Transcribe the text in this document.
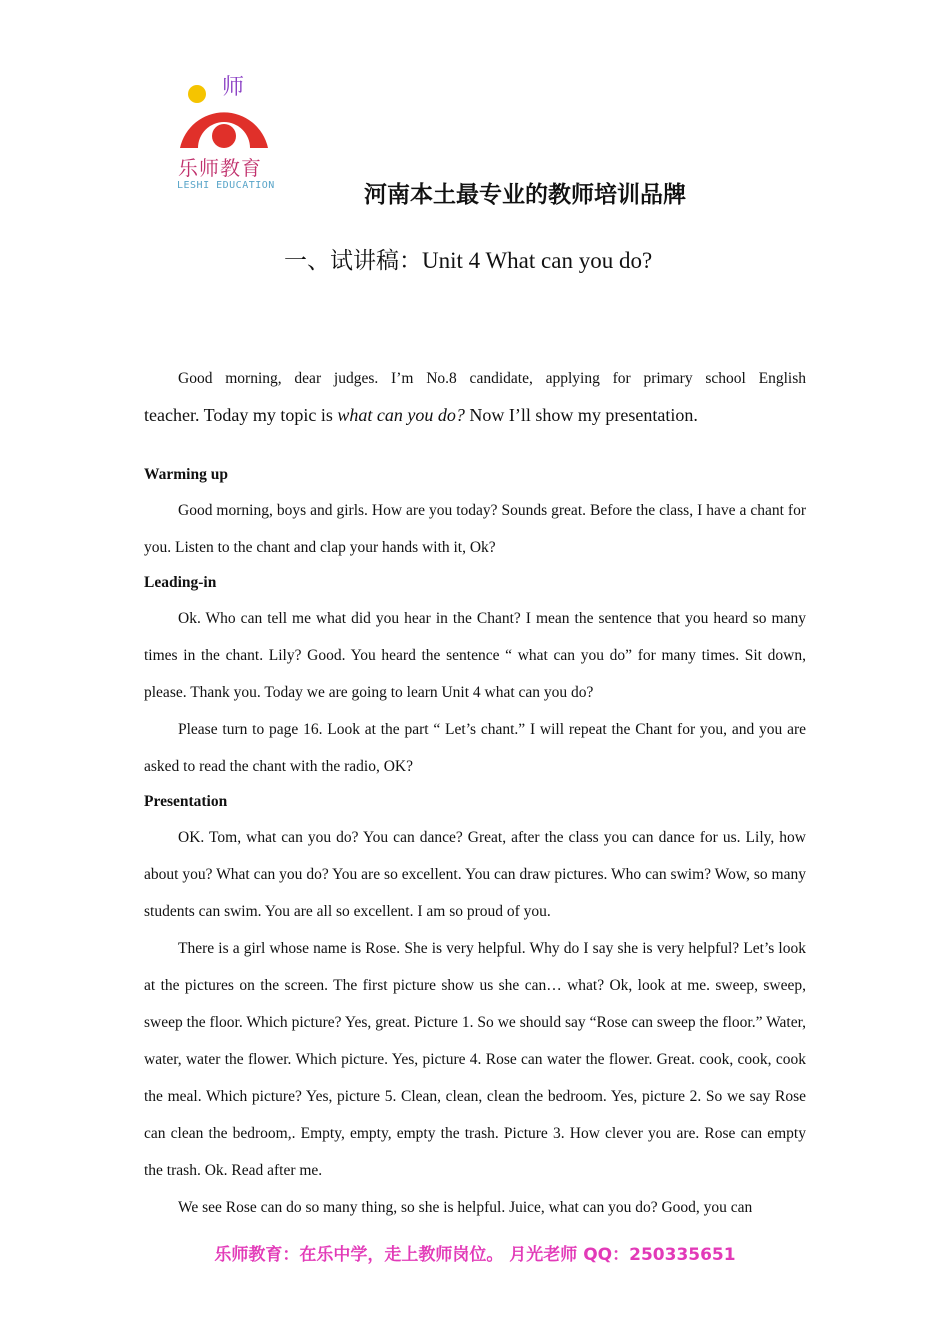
师
乐师教育
LESHI EDUCATION	河南本土最专业的教师培训品牌
一、试讲稿：Unit 4 What can you do?

Good morning, dear judges. I’m No.8 candidate, applying for primary school English

teacher. Today my topic is what can you do? Now I’ll show my presentation.

Warming up

Good morning, boys and girls. How are you today? Sounds great. Before the class, I have a chant for you. Listen to the chant and clap your hands with it, Ok?

Leading-in

Ok. Who can tell me what did you hear in the Chant? I mean the sentence that you heard so many times in the chant. Lily? Good. You heard the sentence “ what can you do” for many times. Sit down, please. Thank you. Today we are going to learn Unit 4 what can you do?

Please turn to page 16. Look at the part “ Let’s chant.” I will repeat the Chant for you, and you are asked to read the chant with the radio, OK?

Presentation

OK. Tom, what can you do? You can dance? Great, after the class you can dance for us. Lily, how about you? What can you do? You are so excellent. You can draw pictures. Who can swim? Wow, so many students can swim. You are all so excellent. I am so proud of you.

There is a girl whose name is Rose. She is very helpful. Why do I say she is very helpful? Let’s look at the pictures on the screen. The first picture show us she can… what? Ok, look at me. sweep, sweep, sweep the floor. Which picture? Yes, great. Picture 1. So we should say “Rose can sweep the floor.” Water, water, water the flower. Which picture. Yes, picture 4. Rose can water the flower. Great. cook, cook, cook the meal. Which picture? Yes, picture 5. Clean, clean, clean the bedroom. Yes, picture 2. So we say Rose can clean the bedroom,. Empty, empty, empty the trash. Picture 3. How clever you are. Rose can empty the trash. Ok. Read after me.

We see Rose can do so many thing, so she is helpful. Juice, what can you do? Good, you can

乐师教育：在乐中学，走上教师岗位。 月光老师 QQ：250335651
